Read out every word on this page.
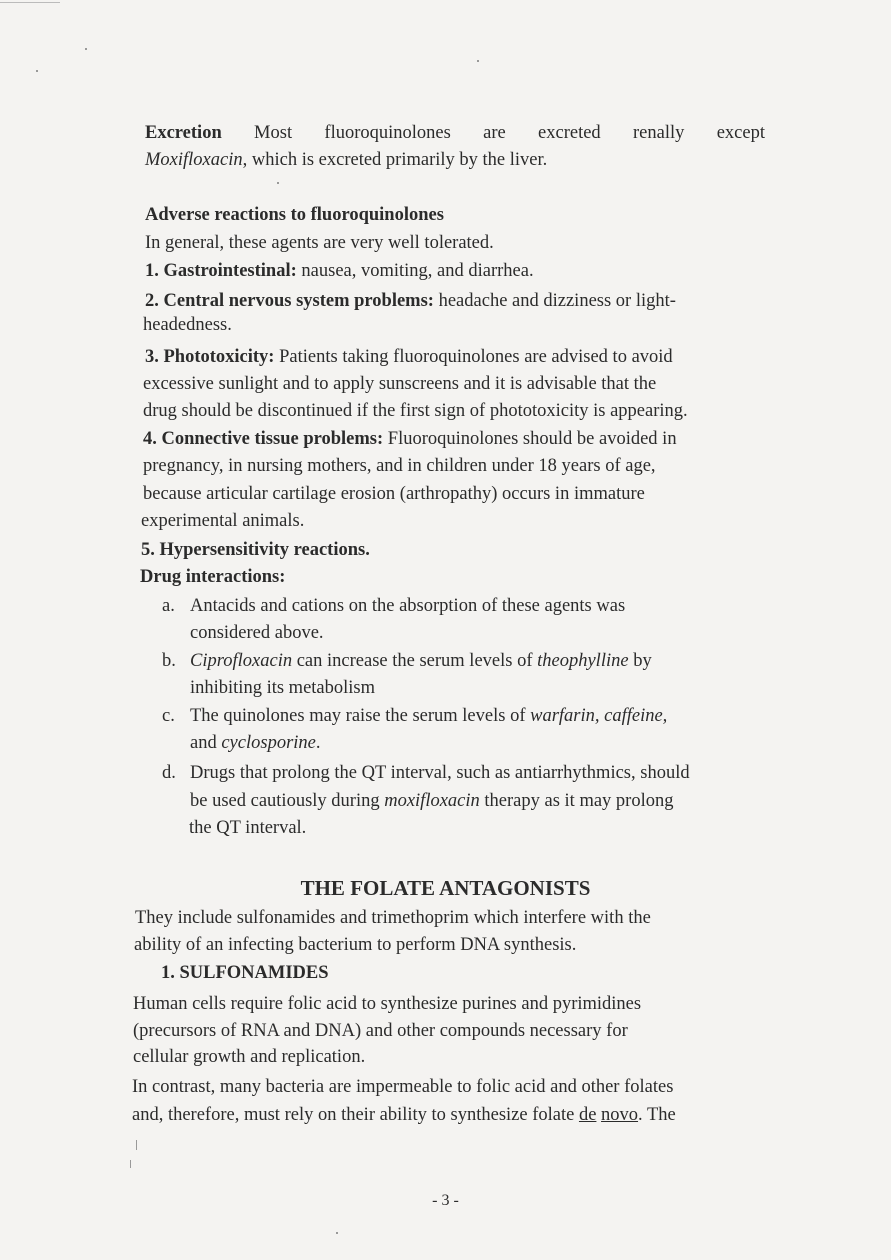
Excretion Most fluoroquinolones are excreted renally except
Moxifloxacin, which is excreted primarily by the liver.
Adverse reactions to fluoroquinolones
In general, these agents are very well tolerated.
1. Gastrointestinal: nausea, vomiting, and diarrhea.
2. Central nervous system problems: headache and dizziness or light-
headedness.
3. Phototoxicity: Patients taking fluoroquinolones are advised to avoid
excessive sunlight and to apply sunscreens and it is advisable that the
drug should be discontinued if the first sign of phototoxicity is appearing.
4. Connective tissue problems: Fluoroquinolones should be avoided in
pregnancy, in nursing mothers, and in children under 18 years of age,
because articular cartilage erosion (arthropathy) occurs in immature
experimental animals.
5. Hypersensitivity reactions.
Drug interactions:
a. Antacids and cations on the absorption of these agents was
considered above.
b. Ciprofloxacin can increase the serum levels of theophylline by
inhibiting its metabolism
c. The quinolones may raise the serum levels of warfarin, caffeine,
and cyclosporine.
d. Drugs that prolong the QT interval, such as antiarrhythmics, should
be used cautiously during moxifloxacin therapy as it may prolong
the QT interval.
THE FOLATE ANTAGONISTS
They include sulfonamides and trimethoprim which interfere with the
ability of an infecting bacterium to perform DNA synthesis.
1. SULFONAMIDES
Human cells require folic acid to synthesize purines and pyrimidines
(precursors of RNA and DNA) and other compounds necessary for
cellular growth and replication.
In contrast, many bacteria are impermeable to folic acid and other folates
and, therefore, must rely on their ability to synthesize folate de novo. The
- 3 -
